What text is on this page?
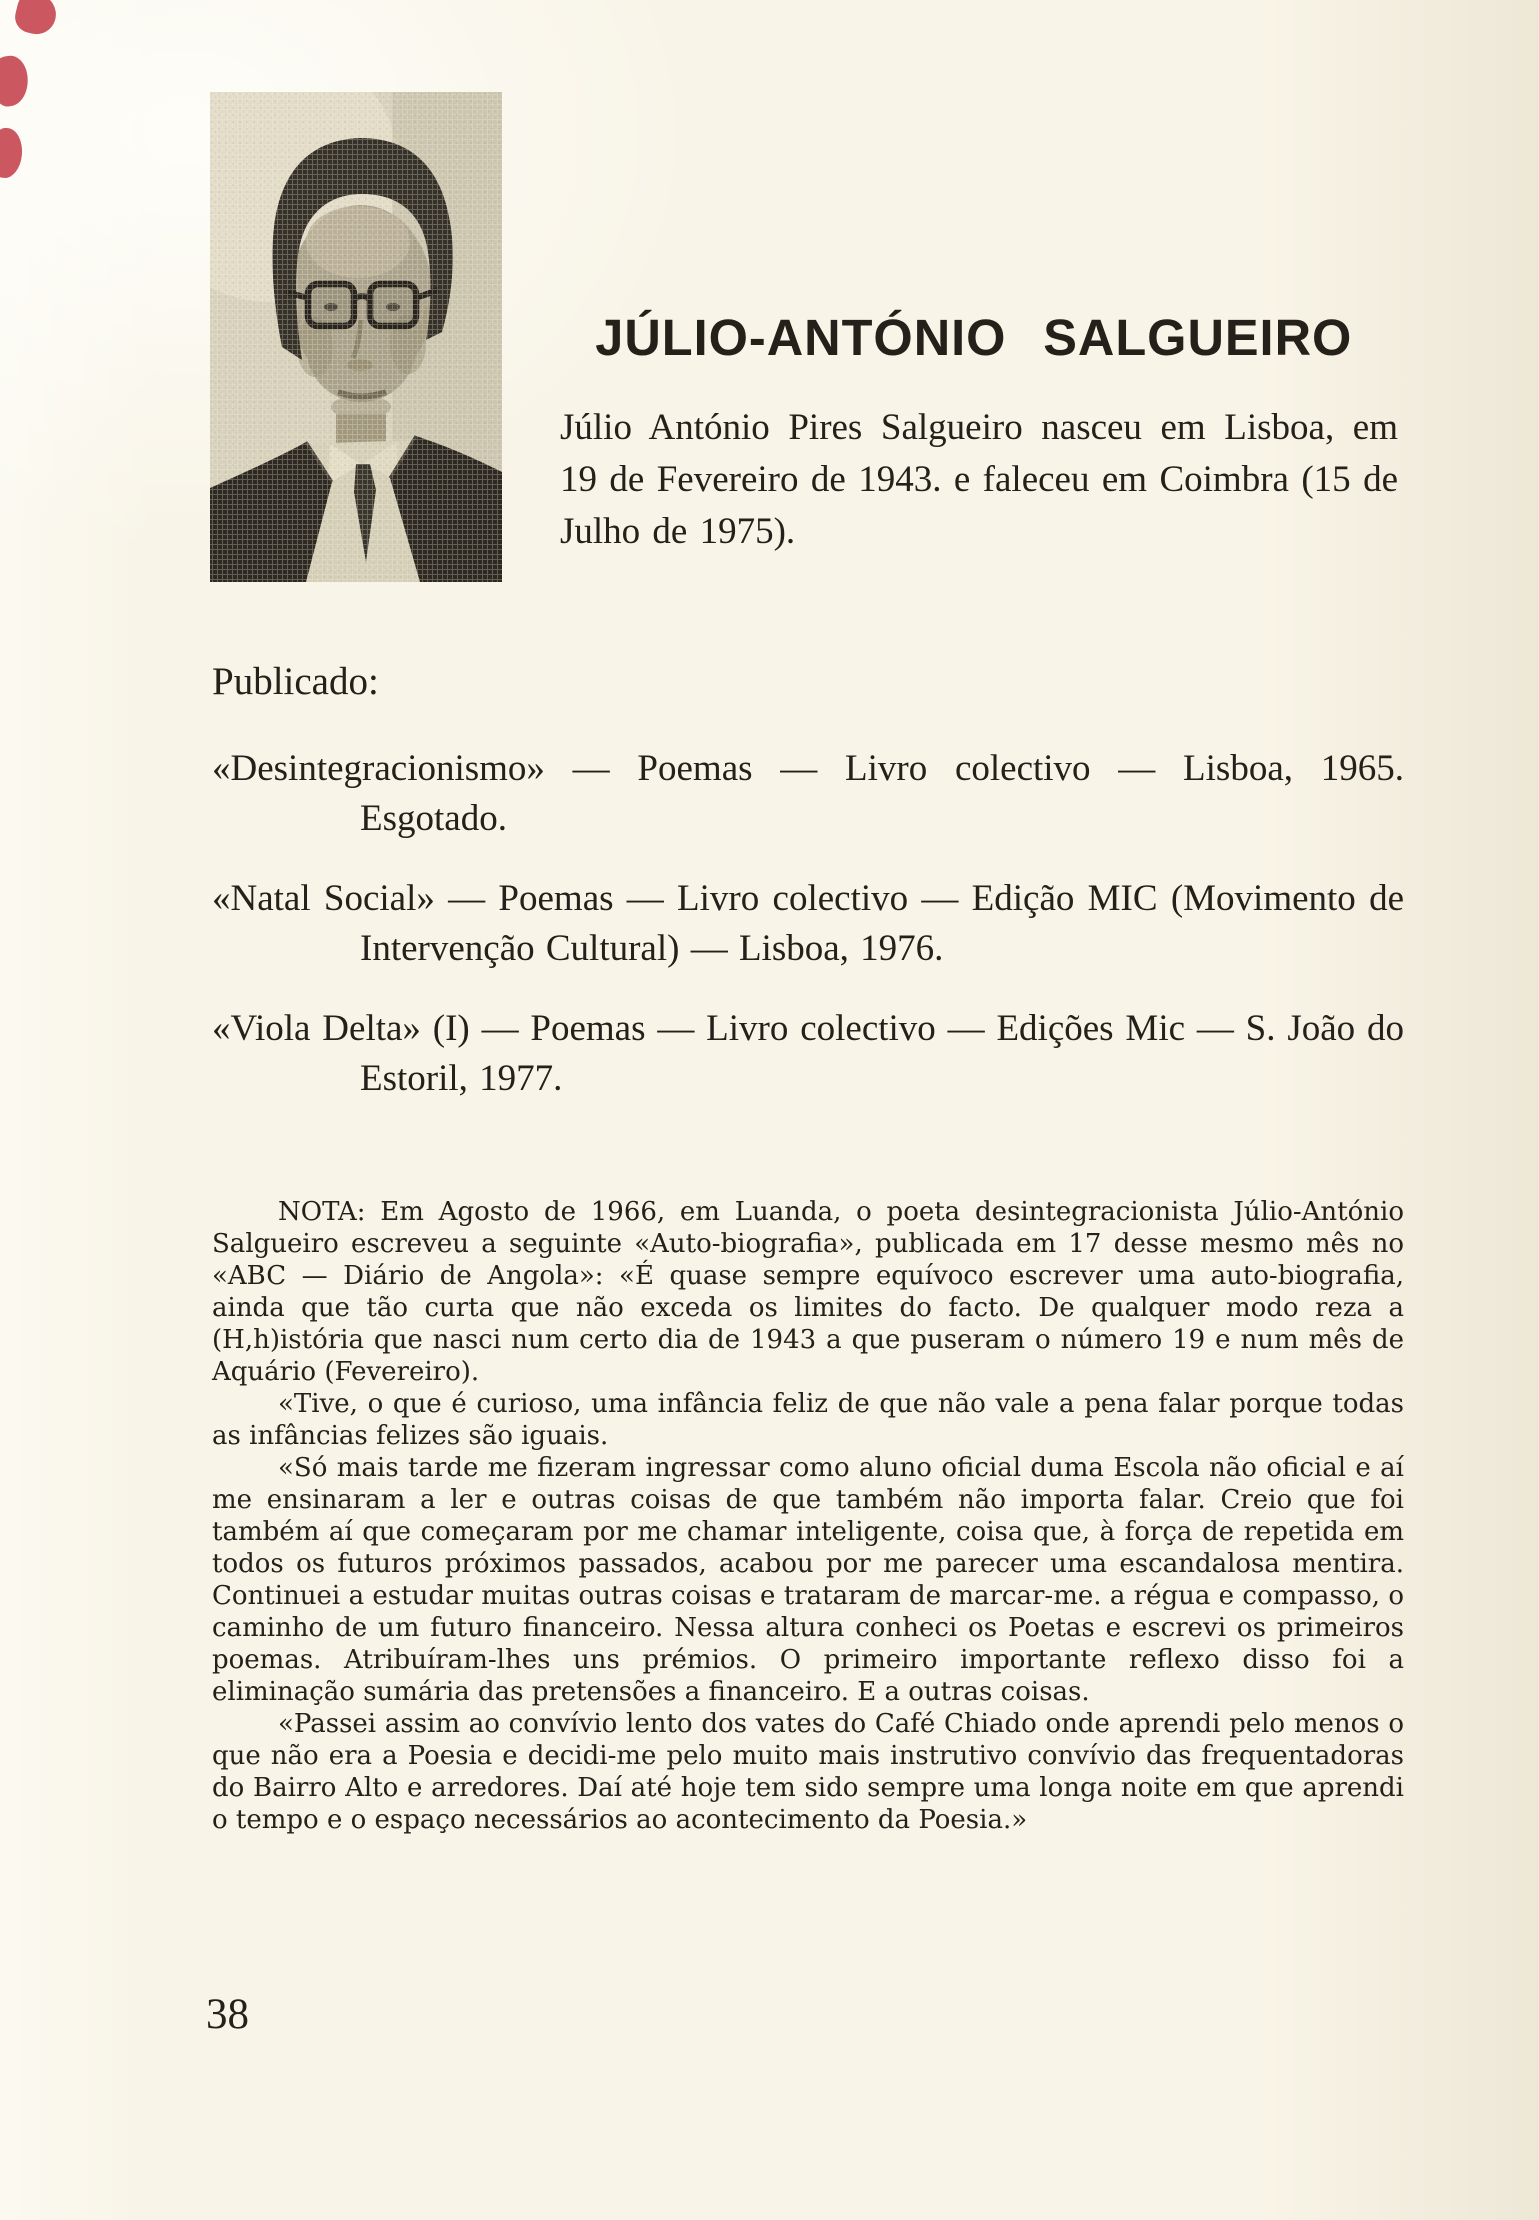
JÚLIO-ANTÓNIO SALGUEIRO
Júlio António Pires Salgueiro nasceu em Lisboa, em 19 de Fevereiro de 1943. e faleceu em Coimbra (15 de Julho de 1975).
Publicado:

«Desintegracionismo» — Poemas — Livro colectivo — Lisboa, 1965. Esgotado.

«Natal Social» — Poemas — Livro colectivo — Edição MIC (Movimento de Intervenção Cultural) — Lisboa, 1976.

«Viola Delta» (I) — Poemas — Livro colectivo — Edições Mic — S. João do Estoril, 1977.

NOTA: Em Agosto de 1966, em Luanda, o poeta desintegracionista Júlio-António Salgueiro escreveu a seguinte «Auto-biografia», publicada em 17 desse mesmo mês no «ABC — Diário de Angola»: «É quase sempre equívoco escrever uma auto-biografia, ainda que tão curta que não exceda os limites do facto. De qualquer modo reza a (H,h)istória que nasci num certo dia de 1943 a que puseram o número 19 e num mês de Aquário (Fevereiro).

«Tive, o que é curioso, uma infância feliz de que não vale a pena falar porque todas as infâncias felizes são iguais.

«Só mais tarde me fizeram ingressar como aluno oficial duma Escola não oficial e aí me ensinaram a ler e outras coisas de que também não importa falar. Creio que foi também aí que começaram por me chamar inteligente, coisa que, à força de repetida em todos os futuros próximos passados, acabou por me parecer uma escandalosa mentira. Continuei a estudar muitas outras coisas e trataram de marcar-me. a régua e compasso, o caminho de um futuro financeiro. Nessa altura conheci os Poetas e escrevi os primeiros poemas. Atribuíram-lhes uns prémios. O primeiro importante reflexo disso foi a eliminação sumária das pretensões a financeiro. E a outras coisas.

«Passei assim ao convívio lento dos vates do Café Chiado onde aprendi pelo menos o que não era a Poesia e decidi-me pelo muito mais instrutivo convívio das frequentadoras do Bairro Alto e arredores. Daí até hoje tem sido sempre uma longa noite em que aprendi o tempo e o espaço necessários ao acontecimento da Poesia.»

38
